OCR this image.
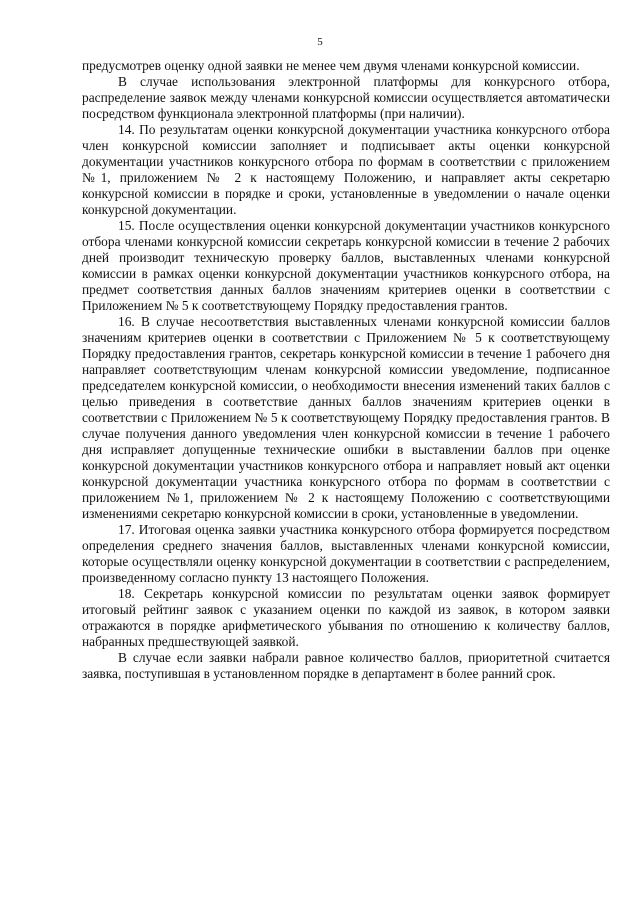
5

предусмотрев оценку одной заявки не менее чем двумя членами конкурсной комиссии.

В случае использования электронной платформы для конкурсного отбора, распределение заявок между членами конкурсной комиссии осуществляется автоматически посредством функционала электронной платформы (при наличии).

14. По результатам оценки конкурсной документации участника конкурсного отбора член конкурсной комиссии заполняет и подписывает акты оценки конкурсной документации участников конкурсного отбора по формам в соответствии с приложением №1, приложением № 2 к настоящему Положению, и направляет акты секретарю конкурсной комиссии в порядке и сроки, установленные в уведомлении о начале оценки конкурсной документации.

15. После осуществления оценки конкурсной документации участников конкурсного отбора членами конкурсной комиссии секретарь конкурсной комиссии в течение 2 рабочих дней производит техническую проверку баллов, выставленных членами конкурсной комиссии в рамках оценки конкурсной документации участников конкурсного отбора, на предмет соответствия данных баллов значениям критериев оценки в соответствии с Приложением № 5 к соответствующему Порядку предоставления грантов.

16. В случае несоответствия выставленных членами конкурсной комиссии баллов значениям критериев оценки в соответствии с Приложением № 5 к соответствующему Порядку предоставления грантов, секретарь конкурсной комиссии в течение 1 рабочего дня направляет соответствующим членам конкурсной комиссии уведомление, подписанное председателем конкурсной комиссии, о необходимости внесения изменений таких баллов с целью приведения в соответствие данных баллов значениям критериев оценки в соответствии с Приложением № 5 к соответствующему Порядку предоставления грантов. В случае получения данного уведомления член конкурсной комиссии в течение 1 рабочего дня исправляет допущенные технические ошибки в выставлении баллов при оценке конкурсной документации участников конкурсного отбора и направляет новый акт оценки конкурсной документации участника конкурсного отбора по формам в соответствии с приложением №1, приложением № 2 к настоящему Положению с соответствующими изменениями секретарю конкурсной комиссии в сроки, установленные в уведомлении.

17. Итоговая оценка заявки участника конкурсного отбора формируется посредством определения среднего значения баллов, выставленных членами конкурсной комиссии, которые осуществляли оценку конкурсной документации в соответствии с распределением, произведенному согласно пункту 13 настоящего Положения.

18. Секретарь конкурсной комиссии по результатам оценки заявок формирует итоговый рейтинг заявок с указанием оценки по каждой из заявок, в котором заявки отражаются в порядке арифметического убывания по отношению к количеству баллов, набранных предшествующей заявкой.

В случае если заявки набрали равное количество баллов, приоритетной считается заявка, поступившая в установленном порядке в департамент в более ранний срок.
